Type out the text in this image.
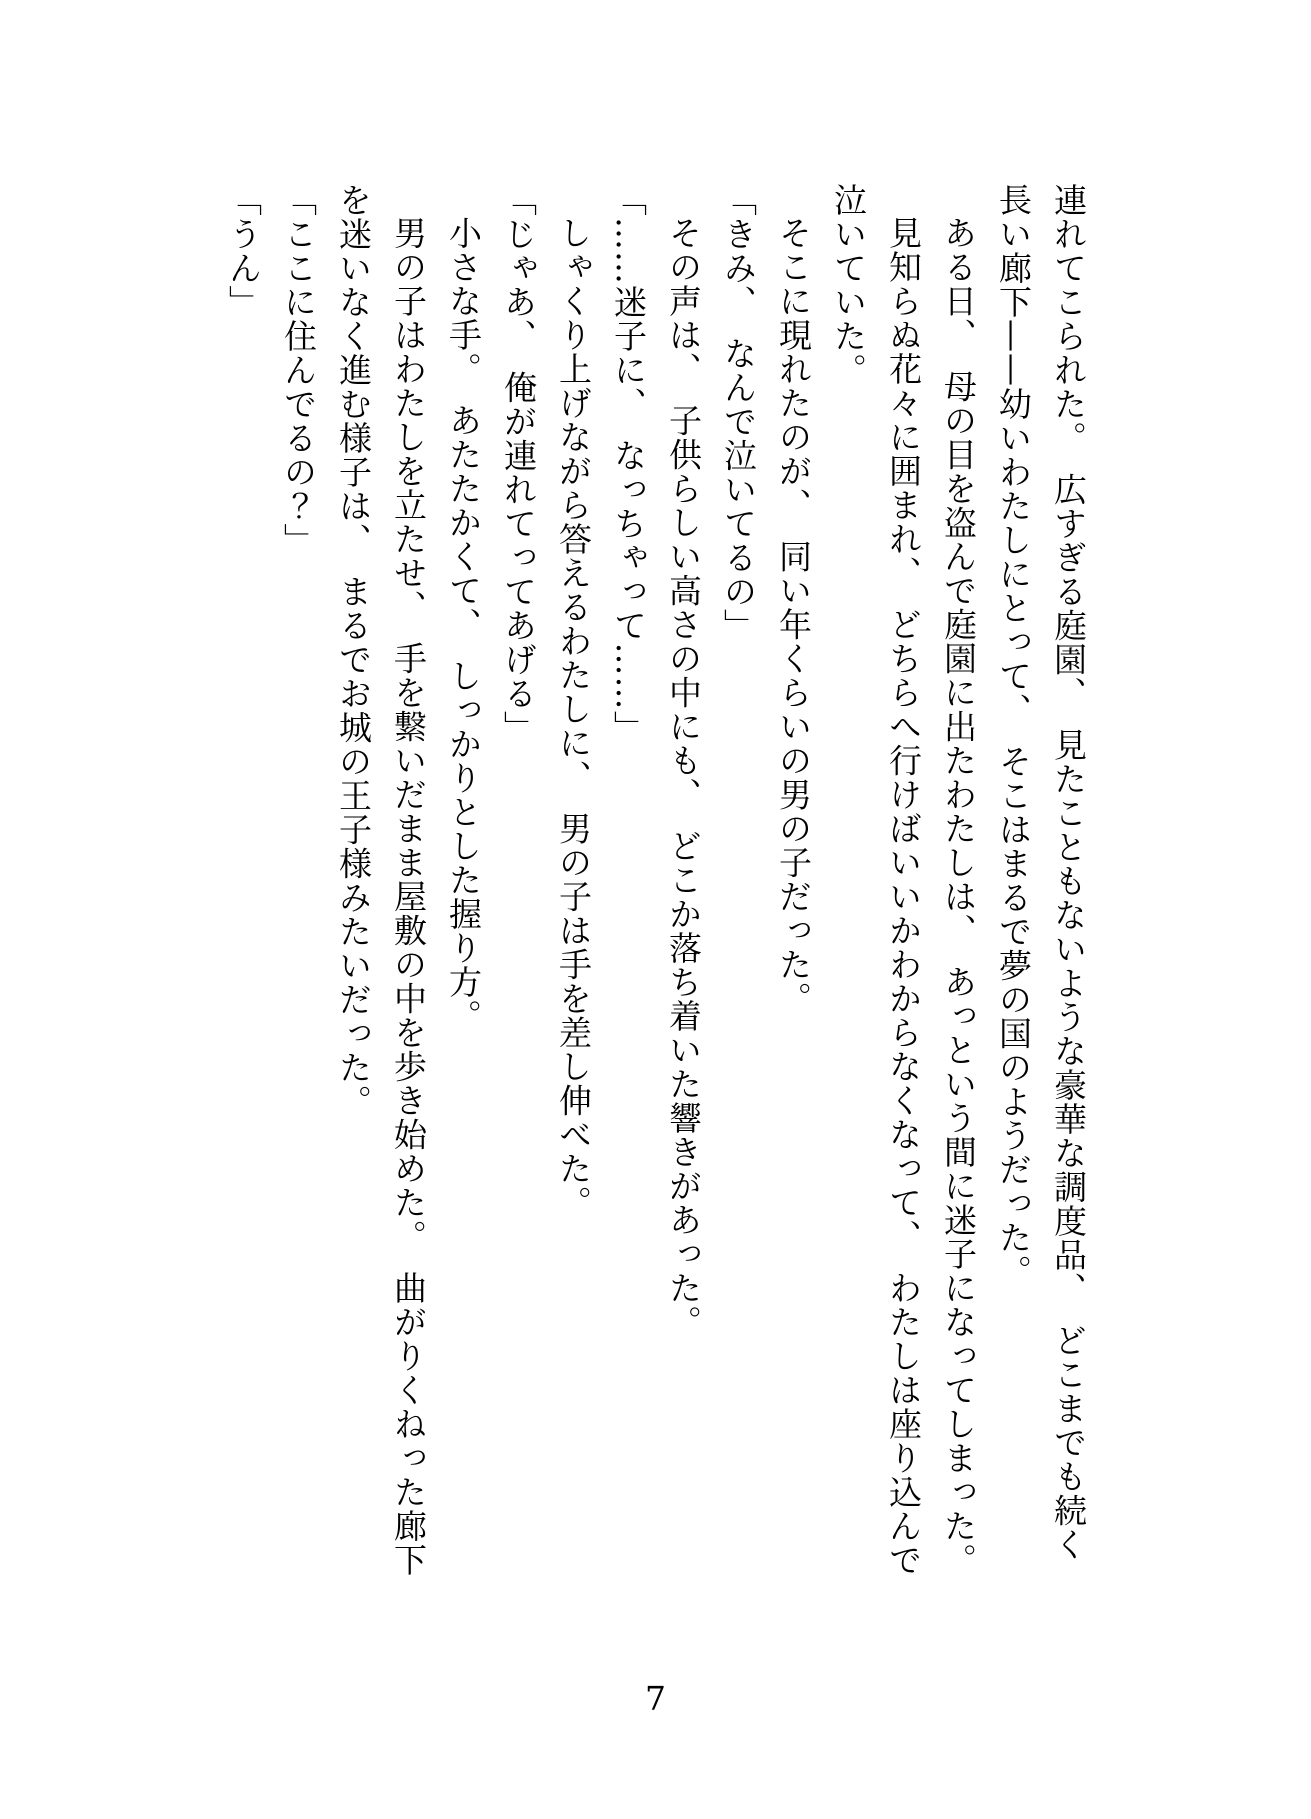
連れてこられた。　広すぎる庭園、　見たこともないような豪華な調度品、　どこまでも続く長い廊下——幼いわたしにとって、　そこはまるで夢の国のようだった。

ある日、　母の目を盗んで庭園に出たわたしは、　あっという間に迷子になってしまった。

見知らぬ花々に囲まれ、　どちらへ行けばいいかわからなくなって、　わたしは座り込んで泣いていた。

そこに現れたのが、　同い年くらいの男の子だった。

「きみ、　なんで泣いてるの」

その声は、　子供らしい高さの中にも、　どこか落ち着いた響きがあった。

「……迷子に、　なっちゃって……」

しゃくり上げながら答えるわたしに、　男の子は手を差し伸べた。

「じゃあ、　俺が連れてってあげる」

小さな手。　あたたかくて、　しっかりとした握り方。

男の子はわたしを立たせ、　手を繋いだまま屋敷の中を歩き始めた。　曲がりくねった廊下を迷いなく進む様子は、　まるでお城の王子様みたいだった。

「ここに住んでるの？」

「うん」

7
